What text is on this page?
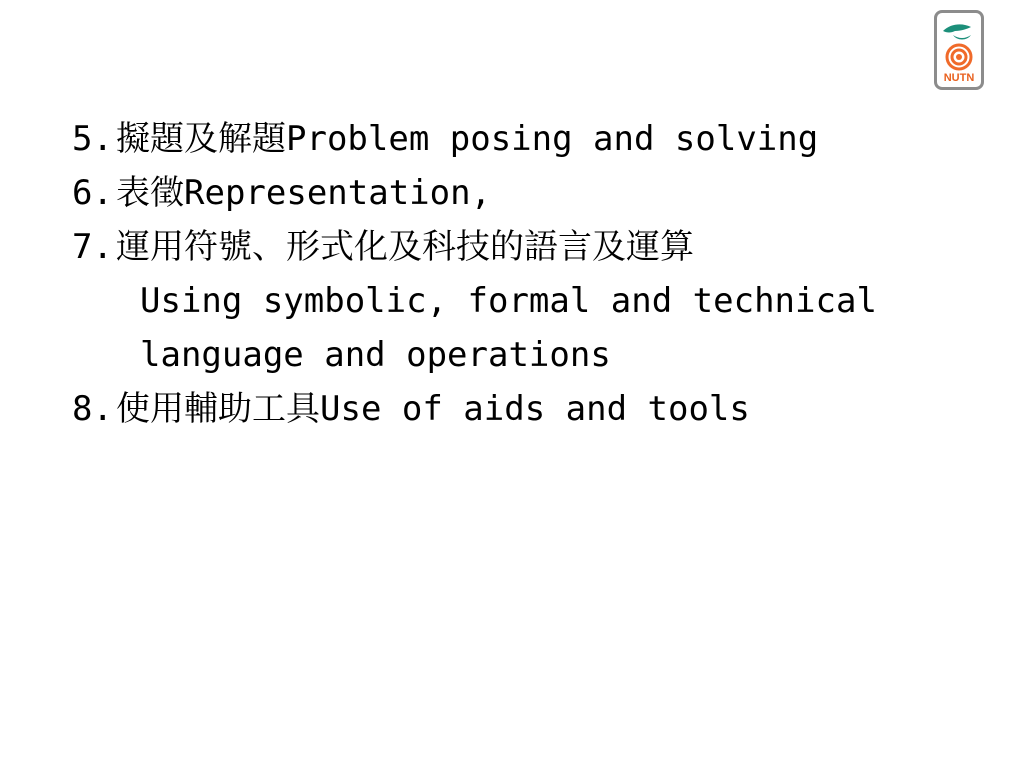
NUTN
5.擬題及解題Problem posing and solving
6.表徵Representation,
7.運用符號、形式化及科技的語言及運算
Using symbolic, formal and technical
language and operations
8.使用輔助工具Use of aids and tools
